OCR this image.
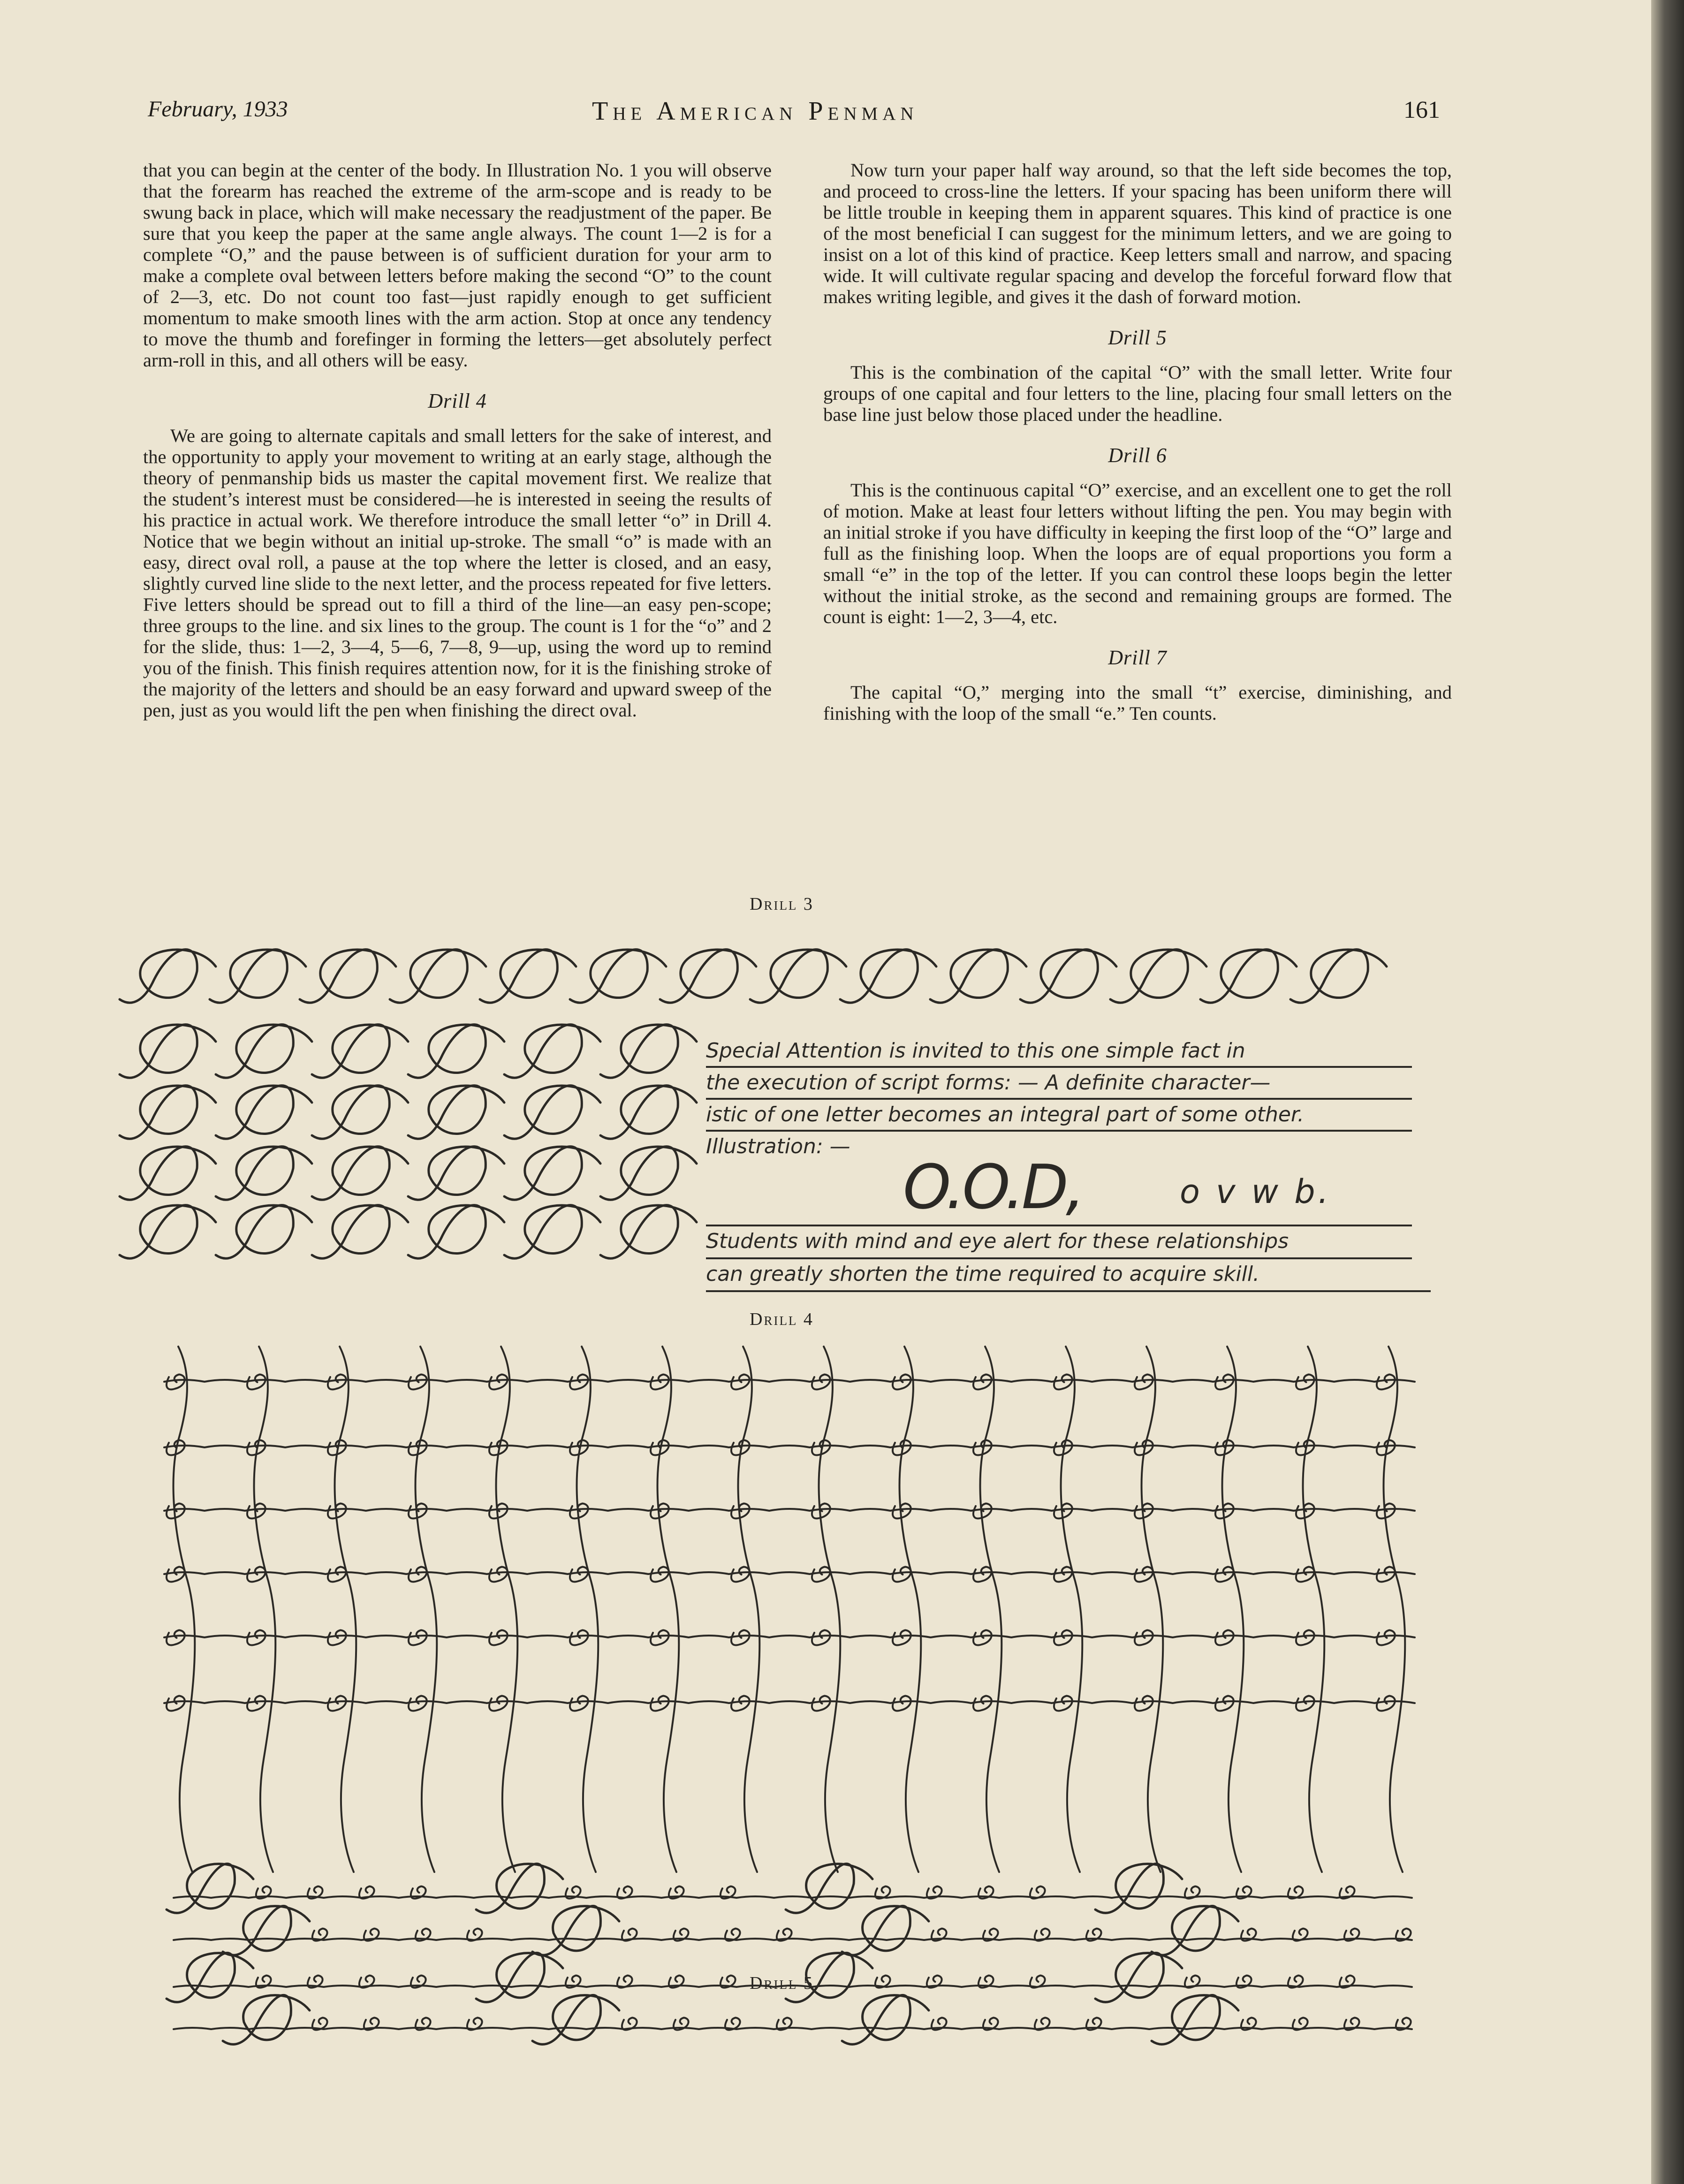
February, 1933	The American Penman	161

that you can begin at the center of the body. In Illustration No. 1 you will observe that the forearm has reached the extreme of the arm-scope and is ready to be swung back in place, which will make necessary the readjustment of the paper. Be sure that you keep the paper at the same angle always. The count 1—2 is for a complete “O,” and the pause between is of sufficient duration for your arm to make a complete oval between letters before making the second “O” to the count of 2—3, etc. Do not count too fast—just rapidly enough to get sufficient momentum to make smooth lines with the arm action. Stop at once any tendency to move the thumb and forefinger in forming the letters—get absolutely perfect arm-roll in this, and all others will be easy.

Drill 4

We are going to alternate capitals and small letters for the sake of interest, and the opportunity to apply your movement to writing at an early stage, although the theory of penmanship bids us master the capital movement first. We realize that the student’s interest must be considered—he is interested in seeing the results of his practice in actual work. We therefore introduce the small letter “o” in Drill 4. Notice that we begin without an initial up-stroke. The small “o” is made with an easy, direct oval roll, a pause at the top where the letter is closed, and an easy, slightly curved line slide to the next letter, and the process repeated for five letters. Five letters should be spread out to fill a third of the line—an easy pen-scope; three groups to the line. and six lines to the group. The count is 1 for the “o” and 2 for the slide, thus: 1—2, 3—4, 5—6, 7—8, 9—up, using the word up to remind you of the finish. This finish requires attention now, for it is the finishing stroke of the majority of the letters and should be an easy forward and upward sweep of the pen, just as you would lift the pen when finishing the direct oval.

Now turn your paper half way around, so that the left side becomes the top, and proceed to cross-line the letters. If your spacing has been uniform there will be little trouble in keeping them in apparent squares. This kind of practice is one of the most beneficial I can suggest for the minimum letters, and we are going to insist on a lot of this kind of practice. Keep letters small and narrow, and spacing wide. It will cultivate regular spacing and develop the forceful forward flow that makes writing legible, and gives it the dash of forward motion.

Drill 5

This is the combination of the capital “O” with the small letter. Write four groups of one capital and four letters to the line, placing four small letters on the base line just below those placed under the headline.

Drill 6

This is the continuous capital “O” exercise, and an excellent one to get the roll of motion. Make at least four letters without lifting the pen. You may begin with an initial stroke if you have difficulty in keeping the first loop of the “O” large and full as the finishing loop. When the loops are of equal proportions you form a small “e” in the top of the letter. If you can control these loops begin the letter without the initial stroke, as the second and remaining groups are formed. The count is eight: 1—2, 3—4, etc.

Drill 7

The capital “O,” merging into the small “t” exercise, diminishing, and finishing with the loop of the small “e.” Ten counts.

Drill 3
Special Attention is invited to this one simple fact in
the execution of script forms: — A definite character—
istic of one letter becomes an integral part of some other.
Illustration: —
O.O.D,	o v w b.
Students with mind and eye alert for these relationships
can greatly shorten the time required to acquire skill.
Drill 4
Drill 5
